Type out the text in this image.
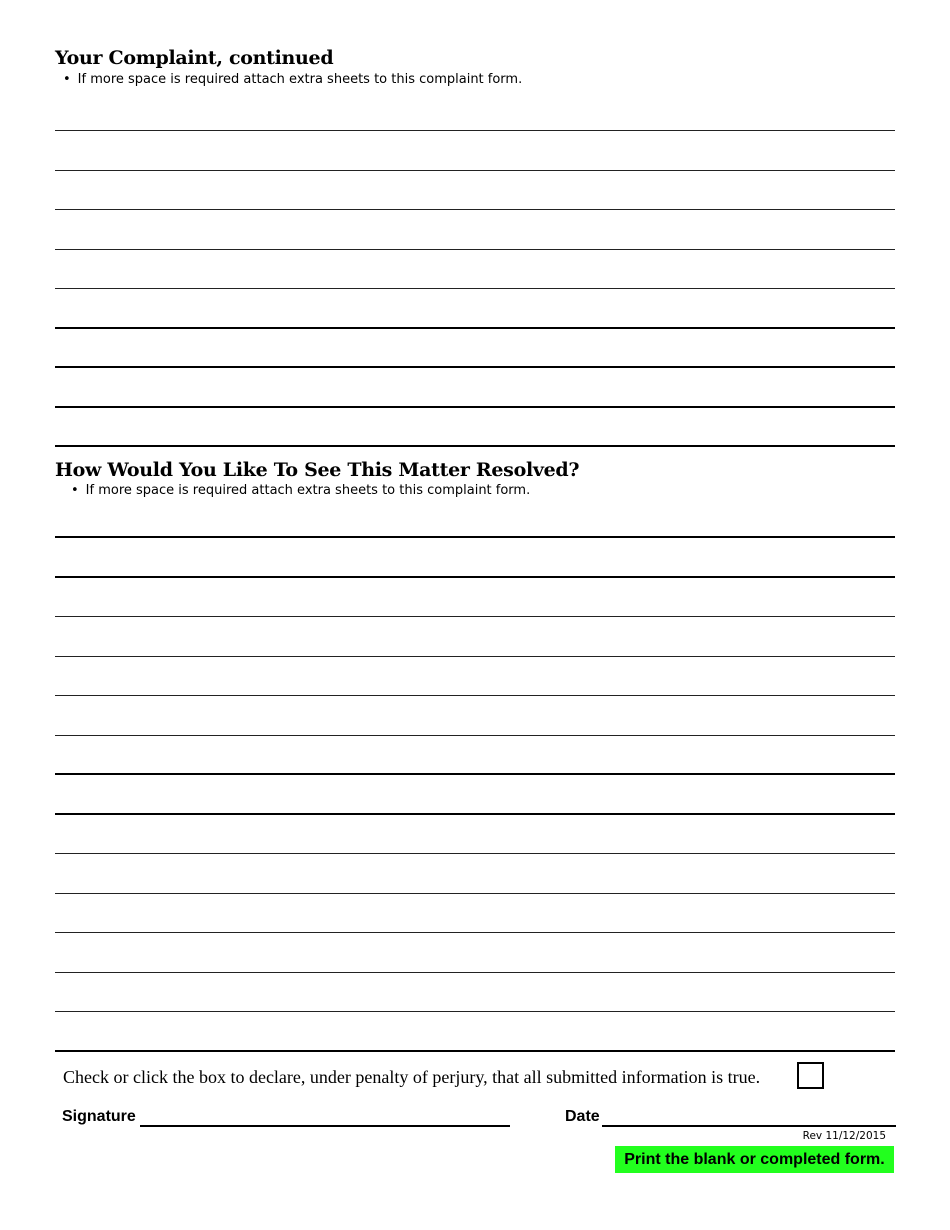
Your Complaint, continued
• If more space is required attach extra sheets to this complaint form.
How Would You Like To See This Matter Resolved?
• If more space is required attach extra sheets to this complaint form.
Check or click the box to declare, under penalty of perjury, that all submitted information is true.
Signature	Date
Rev 11/12/2015
Print the blank or completed form.
